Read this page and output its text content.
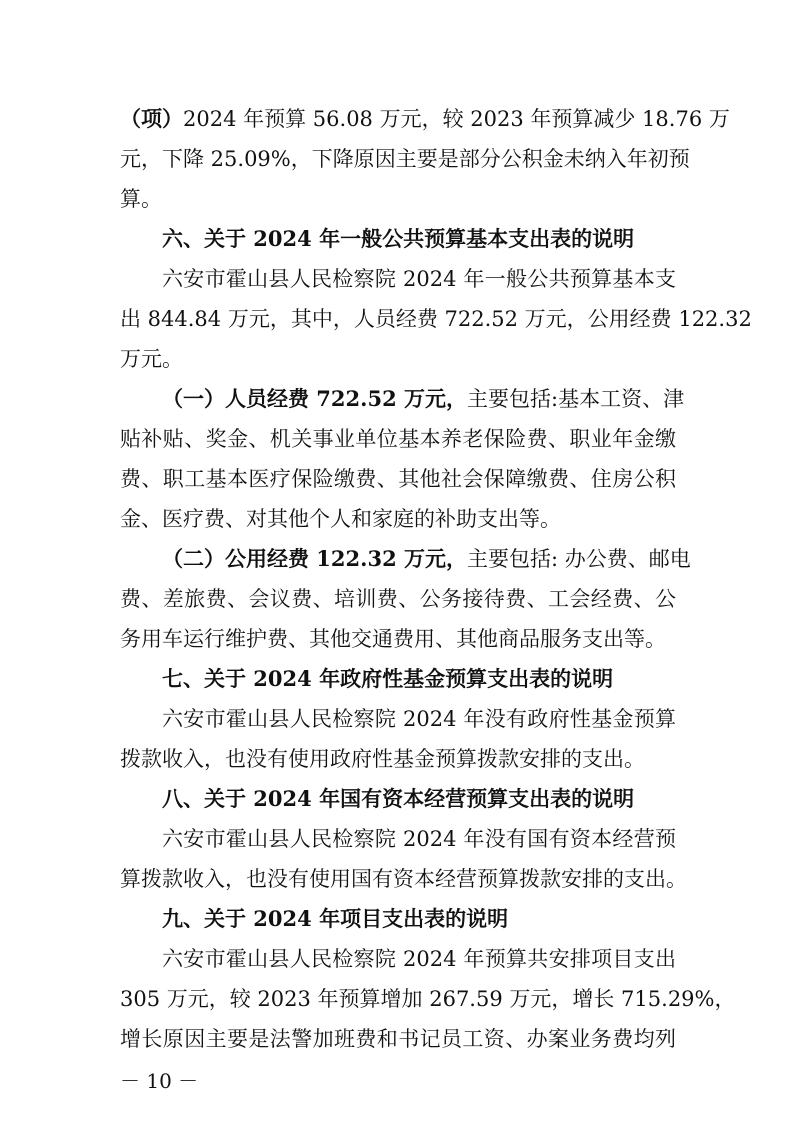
（项）2024 年预算 56.08 万元，较 2023 年预算减少 18.76 万
元，下降 25.09%，下降原因主要是部分公积金未纳入年初预
算。
六、关于 2024 年一般公共预算基本支出表的说明
六安市霍山县人民检察院 2024 年一般公共预算基本支
出 844.84 万元，其中，人员经费 722.52 万元，公用经费 122.32
万元。
（一）人员经费 722.52 万元，主要包括:基本工资、津
贴补贴、奖金、机关事业单位基本养老保险费、职业年金缴
费、职工基本医疗保险缴费、其他社会保障缴费、住房公积
金、医疗费、对其他个人和家庭的补助支出等。
（二）公用经费 122.32 万元，主要包括: 办公费、邮电
费、差旅费、会议费、培训费、公务接待费、工会经费、公
务用车运行维护费、其他交通费用、其他商品服务支出等。
七、关于 2024 年政府性基金预算支出表的说明
六安市霍山县人民检察院 2024 年没有政府性基金预算
拨款收入，也没有使用政府性基金预算拨款安排的支出。
八、关于 2024 年国有资本经营预算支出表的说明
六安市霍山县人民检察院 2024 年没有国有资本经营预
算拨款收入，也没有使用国有资本经营预算拨款安排的支出。
九、关于 2024 年项目支出表的说明
六安市霍山县人民检察院 2024 年预算共安排项目支出
305 万元，较 2023 年预算增加 267.59 万元，增长 715.29%，
增长原因主要是法警加班费和书记员工资、办案业务费均列
－ 10 －
